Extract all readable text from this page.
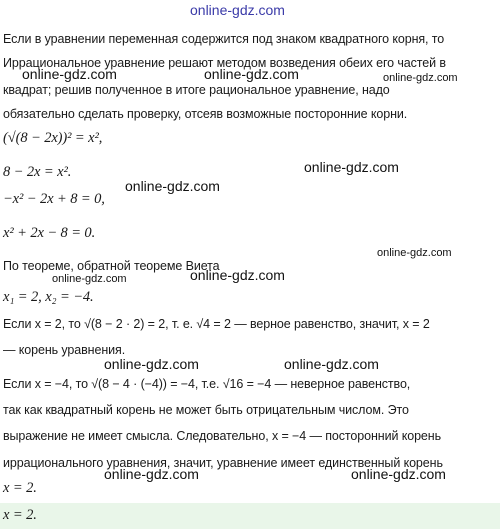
online-gdz.com
Если в уравнении переменная содержится под знаком квадратного корня, то
Иррациональное уравнение решают методом возведения обеих его частей в
квадрат; решив полученное в итоге рациональное уравнение, надо
обязательно сделать проверку, отсеяв возможные посторонние корни.
online-gdz.com	online-gdz.com	online-gdz.com
(√(8 − 2x))² = x²,
8 − 2x = x².
−x² − 2x + 8 = 0,
x² + 2x − 8 = 0.
online-gdz.com
online-gdz.com
online-gdz.com
По теореме, обратной теореме Виета
online-gdz.com	online-gdz.com
x₁ = 2, x₂ = −4.
Если x = 2, то √(8 − 2 · 2) = 2, т. е. √4 = 2 — верное равенство, значит, x = 2
— корень уравнения.
online-gdz.com	online-gdz.com
Если x = −4, то √(8 − 4 · (−4)) = −4, т.е. √16 = −4 — неверное равенство,
так как квадратный корень не может быть отрицательным числом. Это
выражение не имеет смысла. Следовательно, x = −4 — посторонний корень
иррационального уравнения, значит, уравнение имеет единственный корень
online-gdz.com	online-gdz.com
x = 2.
x = 2.
